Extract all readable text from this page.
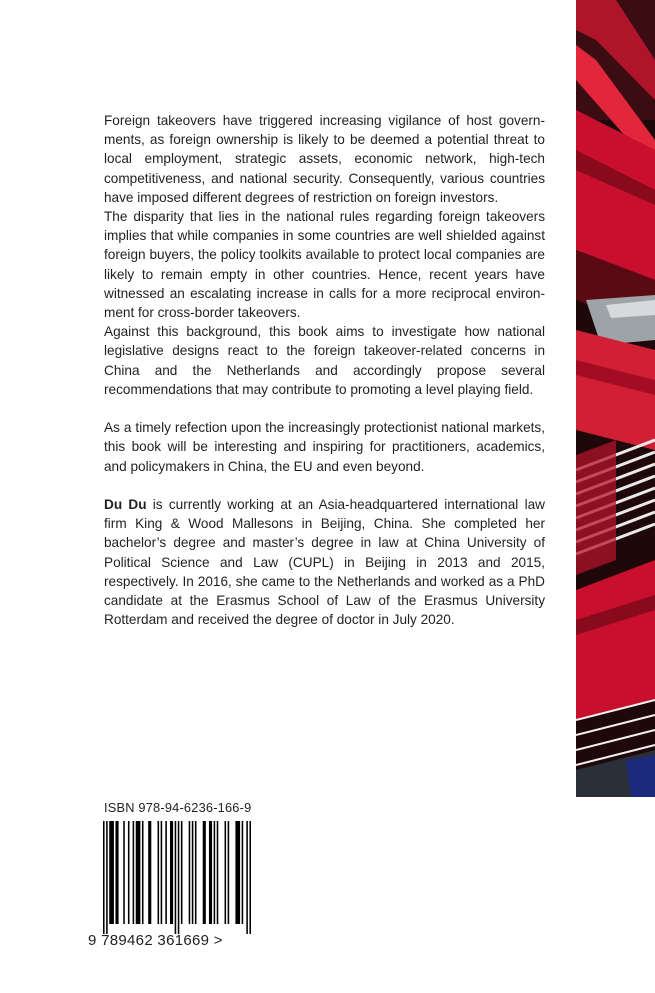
Foreign takeovers have triggered increasing vigilance of host governments, as foreign ownership is likely to be deemed a potential threat to local employment, strategic assets, economic network, high-tech competitiveness, and national security. Consequently, various countries have imposed different degrees of restriction on foreign investors.

The disparity that lies in the national rules regarding foreign takeovers implies that while companies in some countries are well shielded against foreign buyers, the policy toolkits available to protect local companies are likely to remain empty in other countries. Hence, recent years have witnessed an escalating increase in calls for a more reciprocal environment for cross-border takeovers.

Against this background, this book aims to investigate how national legislative designs react to the foreign takeover-related concerns in China and the Netherlands and accordingly propose several recommendations that may contribute to promoting a level playing field.

As a timely refection upon the increasingly protectionist national markets, this book will be interesting and inspiring for practitioners, academics, and policymakers in China, the EU and even beyond.

Du Du is currently working at an Asia-headquartered international law firm King & Wood Mallesons in Beijing, China. She completed her bachelor’s degree and master’s degree in law at China University of Political Science and Law (CUPL) in Beijing in 2013 and 2015, respectively. In 2016, she came to the Netherlands and worked as a PhD candidate at the Erasmus School of Law of the Erasmus University Rotterdam and received the degree of doctor in July 2020.

ISBN 978-94-6236-166-9
9 789462 361669 >
